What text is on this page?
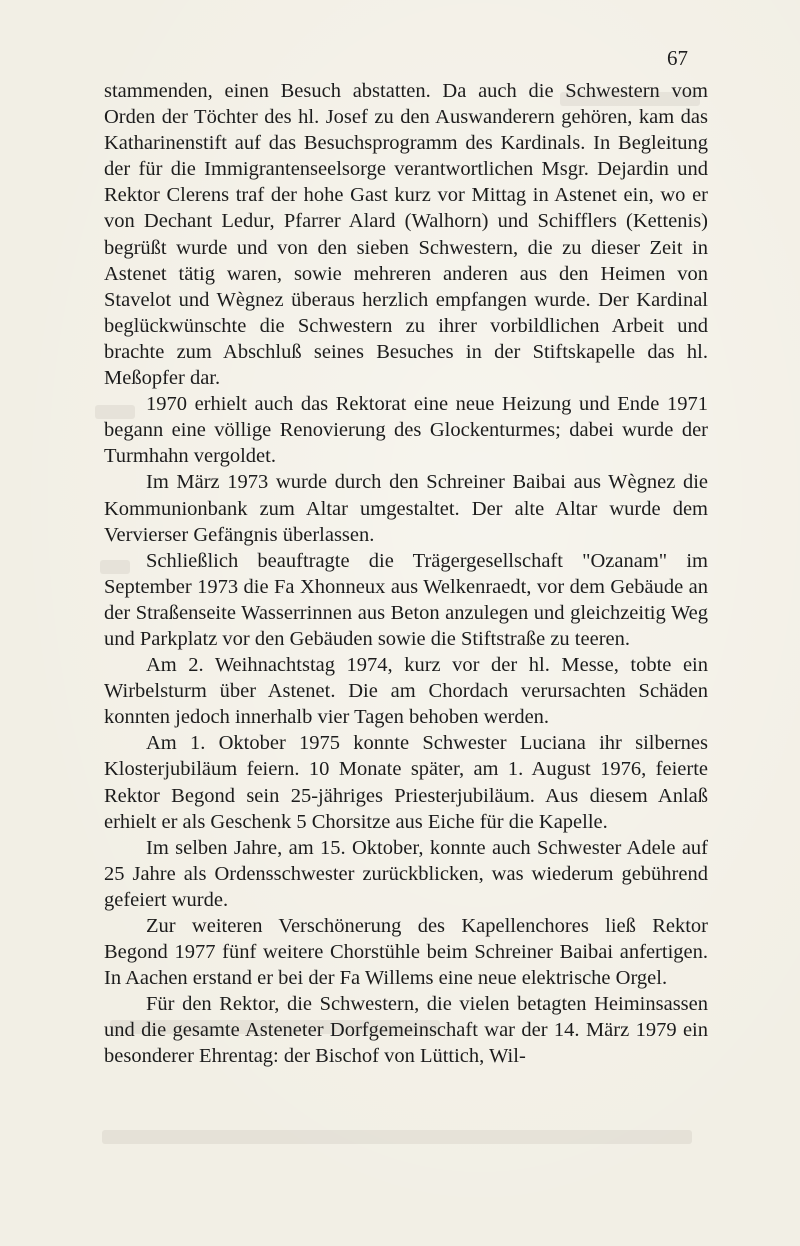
67

stammenden, einen Besuch abstatten. Da auch die Schwestern vom Orden der Töchter des hl. Josef zu den Auswanderern gehören, kam das Katharinenstift auf das Besuchsprogramm des Kardinals. In Begleitung der für die Immigrantenseelsorge verantwortlichen Msgr. Dejardin und Rektor Clerens traf der hohe Gast kurz vor Mittag in Astenet ein, wo er von Dechant Ledur, Pfarrer Alard (Walhorn) und Schifflers (Kettenis) begrüßt wurde und von den sieben Schwestern, die zu dieser Zeit in Astenet tätig waren, sowie mehreren anderen aus den Heimen von Stavelot und Wègnez überaus herzlich empfangen wurde. Der Kardinal beglückwünschte die Schwestern zu ihrer vorbildlichen Arbeit und brachte zum Abschluß seines Besuches in der Stiftskapelle das hl. Meßopfer dar.

1970 erhielt auch das Rektorat eine neue Heizung und Ende 1971 begann eine völlige Renovierung des Glockenturmes; dabei wurde der Turmhahn vergoldet.

Im März 1973 wurde durch den Schreiner Baibai aus Wègnez die Kommunionbank zum Altar umgestaltet. Der alte Altar wurde dem Vervierser Gefängnis überlassen.

Schließlich beauftragte die Trägergesellschaft "Ozanam" im September 1973 die Fa Xhonneux aus Welkenraedt, vor dem Gebäude an der Straßenseite Wasserrinnen aus Beton anzulegen und gleichzeitig Weg und Parkplatz vor den Gebäuden sowie die Stiftstraße zu teeren.

Am 2. Weihnachtstag 1974, kurz vor der hl. Messe, tobte ein Wirbelsturm über Astenet. Die am Chordach verursachten Schäden konnten jedoch innerhalb vier Tagen behoben werden.

Am 1. Oktober 1975 konnte Schwester Luciana ihr silbernes Klosterjubiläum feiern. 10 Monate später, am 1. August 1976, feierte Rektor Begond sein 25-jähriges Priesterjubiläum. Aus diesem Anlaß erhielt er als Geschenk 5 Chorsitze aus Eiche für die Kapelle.

Im selben Jahre, am 15. Oktober, konnte auch Schwester Adele auf 25 Jahre als Ordensschwester zurückblicken, was wiederum gebührend gefeiert wurde.

Zur weiteren Verschönerung des Kapellenchores ließ Rektor Begond 1977 fünf weitere Chorstühle beim Schreiner Baibai anfertigen. In Aachen erstand er bei der Fa Willems eine neue elektrische Orgel.

Für den Rektor, die Schwestern, die vielen betagten Heiminsassen und die gesamte Asteneter Dorfgemeinschaft war der 14. März 1979 ein besonderer Ehrentag: der Bischof von Lüttich, Wil-
